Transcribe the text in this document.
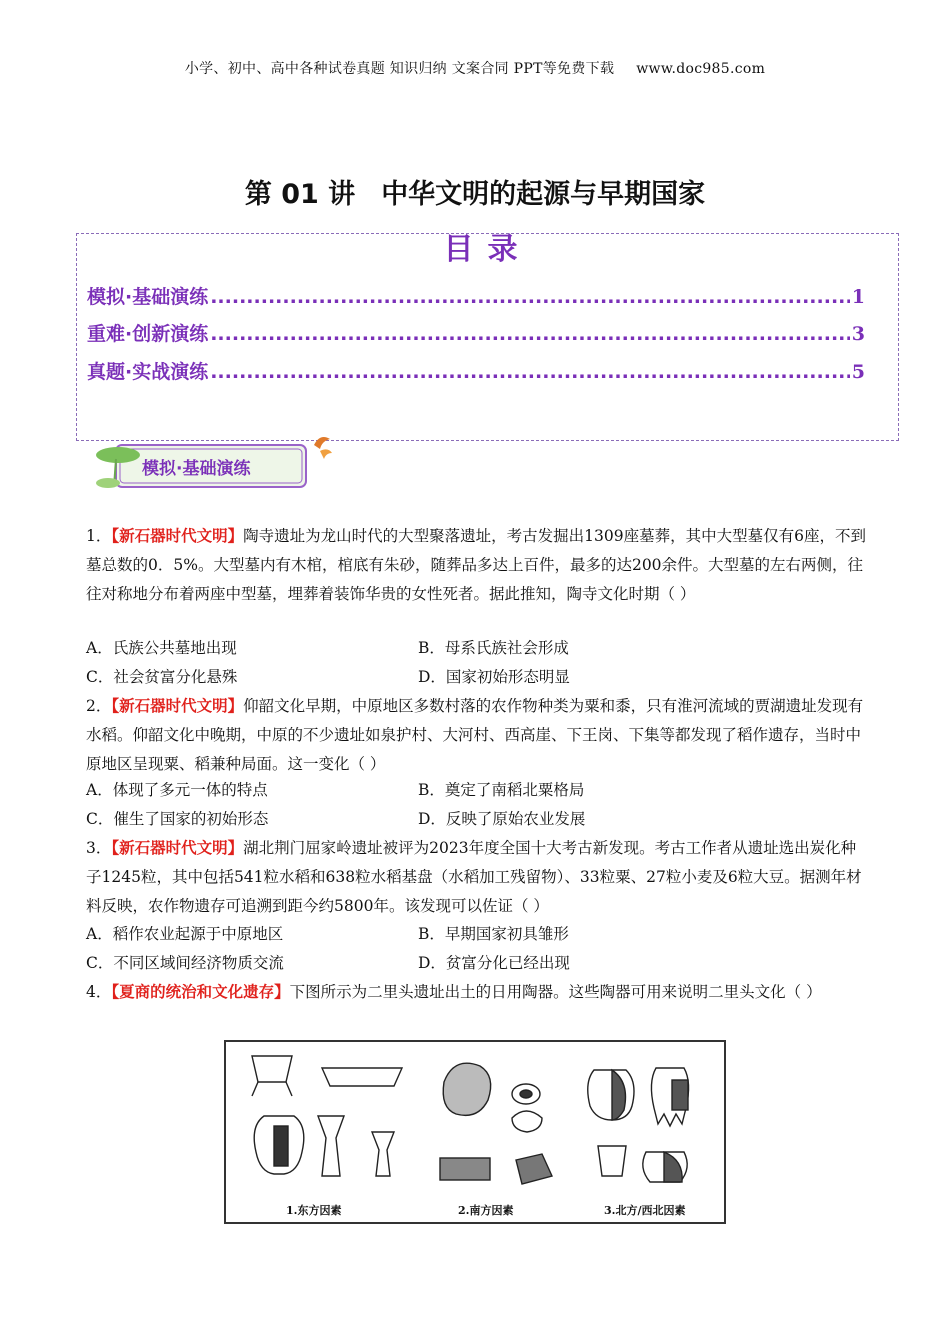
小学、初中、高中各种试卷真题 知识归纳 文案合同 PPT等免费下载 www.doc985.com
第 01 讲 中华文明的起源与早期国家
目录
模拟·基础演练 .....	1
重难·创新演练 .....	3
真题·实战演练 .....	5
模拟·基础演练
1．【新石器时代文明】陶寺遗址为龙山时代的大型聚落遗址，考古发掘出1309座墓葬，其中大型墓仅有6座，不到墓总数的0．5%。大型墓内有木棺，棺底有朱砂，随葬品多达上百件，最多的达200余件。大型墓的左右两侧，往往对称地分布着两座中型墓，埋葬着装饰华贵的女性死者。据此推知，陶寺文化时期（ ）
A．氏族公共墓地出现	B．母系氏族社会形成
C．社会贫富分化悬殊	D．国家初始形态明显
2．【新石器时代文明】仰韶文化早期，中原地区多数村落的农作物种类为粟和黍，只有淮河流域的贾湖遗址发现有水稻。仰韶文化中晚期，中原的不少遗址如泉护村、大河村、西高崖、下王岗、下集等都发现了稻作遗存，当时中原地区呈现粟、稻兼种局面。这一变化（ ）
A．体现了多元一体的特点	B．奠定了南稻北粟格局
C．催生了国家的初始形态	D．反映了原始农业发展
3．【新石器时代文明】湖北荆门屈家岭遗址被评为2023年度全国十大考古新发现。考古工作者从遗址选出炭化种子1245粒，其中包括541粒水稻和638粒水稻基盘（水稻加工残留物）、33粒粟、27粒小麦及6粒大豆。据测年材料反映，农作物遗存可追溯到距今约5800年。该发现可以佐证（ ）
A．稻作农业起源于中原地区	B．早期国家初具雏形
C．不同区域间经济物质交流	D．贫富分化已经出现
4．【夏商的统治和文化遗存】下图所示为二里头遗址出土的日用陶器。这些陶器可用来说明二里头文化（ ）
1.东方因素	2.南方因素	3.北方/西北因素
